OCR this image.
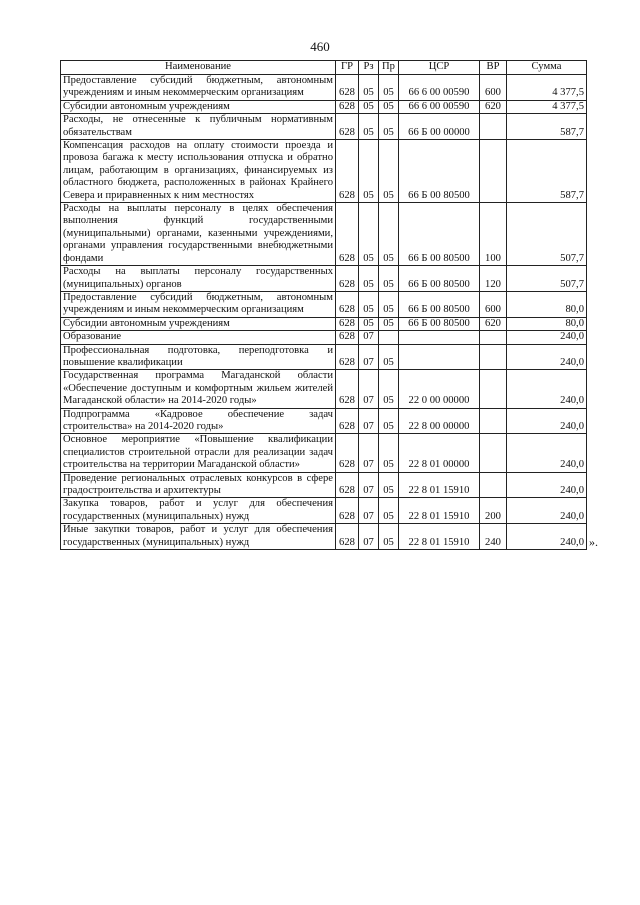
460
Наименование	ГР	Рз	Пр	ЦСР	ВР	Сумма
Предоставление субсидий бюджетным, автономным учреждениям и иным некоммерческим организациям	628	05	05	66 6 00 00590	600	4 377,5
Субсидии автономным учреждениям	628	05	05	66 6 00 00590	620	4 377,5
Расходы, не отнесенные к публичным нормативным обязательствам	628	05	05	66 Б 00 00000		587,7
Компенсация расходов на оплату стоимости проезда и провоза багажа к месту использования отпуска и обратно лицам, работающим в организациях, финансируемых из областного бюджета, расположенных в районах Крайнего Севера и приравненных к ним местностях	628	05	05	66 Б 00 80500		587,7
Расходы на выплаты персоналу в целях обеспечения выполнения функций государственными (муниципальными) органами, казенными учреждениями, органами управления государственными внебюджетными фондами	628	05	05	66 Б 00 80500	100	507,7
Расходы на выплаты персоналу государственных (муниципальных) органов	628	05	05	66 Б 00 80500	120	507,7
Предоставление субсидий бюджетным, автономным учреждениям и иным некоммерческим организациям	628	05	05	66 Б 00 80500	600	80,0
Субсидии автономным учреждениям	628	05	05	66 Б 00 80500	620	80,0
Образование	628	07				240,0
Профессиональная подготовка, переподготовка и повышение квалификации	628	07	05			240,0
Государственная программа Магаданской области «Обеспечение доступным и комфортным жильем жителей Магаданской области» на 2014-2020 годы»	628	07	05	22 0 00 00000		240,0
Подпрограмма «Кадровое обеспечение задач строительства» на 2014-2020 годы»	628	07	05	22 8 00 00000		240,0
Основное мероприятие «Повышение квалификации специалистов строительной отрасли для реализации задач строительства на территории Магаданской области»	628	07	05	22 8 01 00000		240,0
Проведение региональных отраслевых конкурсов в сфере градостроительства и архитектуры	628	07	05	22 8 01 15910		240,0
Закупка товаров, работ и услуг для обеспечения государственных (муниципальных) нужд	628	07	05	22 8 01 15910	200	240,0
Иные закупки товаров, работ и услуг для обеспечения государственных (муниципальных) нужд	628	07	05	22 8 01 15910	240	240,0 ».
